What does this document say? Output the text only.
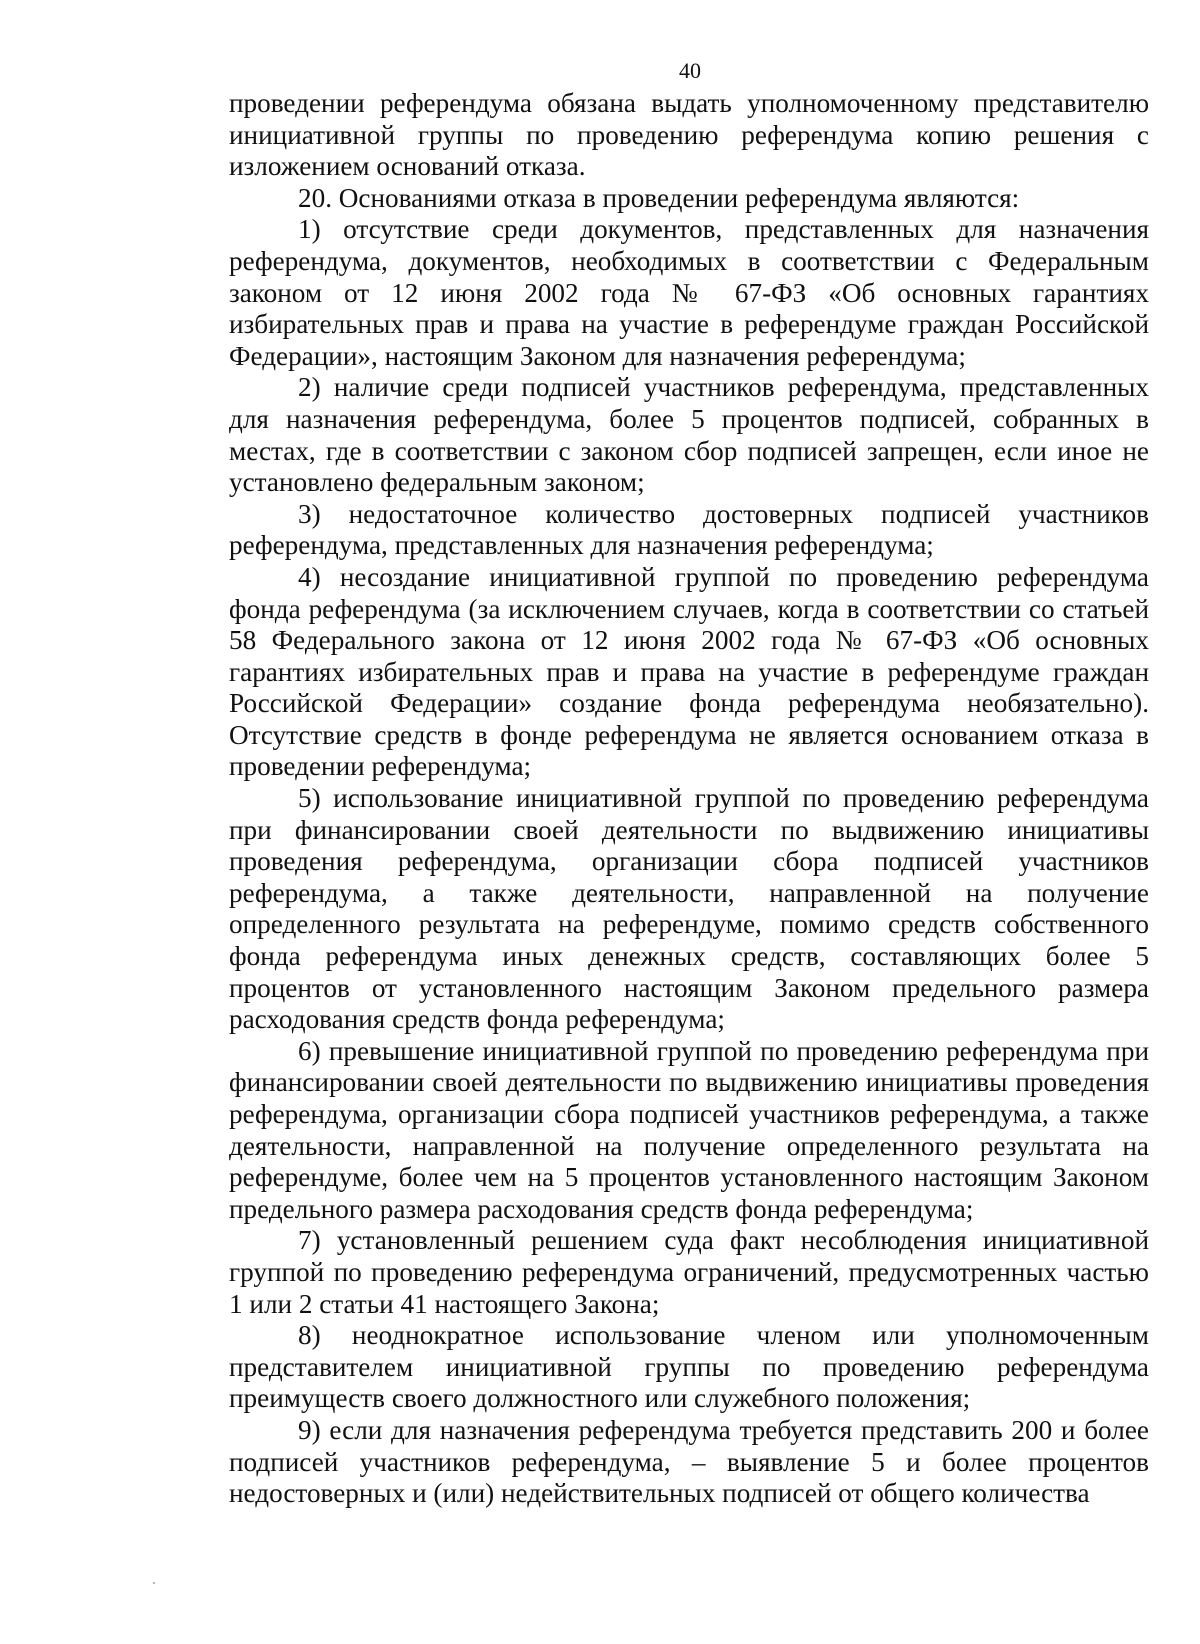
40

проведении референдума обязана выдать уполномоченному представителю инициативной группы по проведению референдума копию решения с изложением оснований отказа.

20. Основаниями отказа в проведении референдума являются:

1) отсутствие среди документов, представленных для назначения референдума, документов, необходимых в соответствии с Федеральным законом от 12 июня 2002 года № 67-ФЗ «Об основных гарантиях избирательных прав и права на участие в референдуме граждан Российской Федерации», настоящим Законом для назначения референдума;

2) наличие среди подписей участников референдума, представленных для назначения референдума, более 5 процентов подписей, собранных в местах, где в соответствии с законом сбор подписей запрещен, если иное не установлено федеральным законом;

3) недостаточное количество достоверных подписей участников референдума, представленных для назначения референдума;

4) несоздание инициативной группой по проведению референдума фонда референдума (за исключением случаев, когда в соответствии со статьей 58 Федерального закона от 12 июня 2002 года № 67-ФЗ «Об основных гарантиях избирательных прав и права на участие в референдуме граждан Российской Федерации» создание фонда референдума необязательно). Отсутствие средств в фонде референдума не является основанием отказа в проведении референдума;

5) использование инициативной группой по проведению референдума при финансировании своей деятельности по выдвижению инициативы проведения референдума, организации сбора подписей участников референдума, а также деятельности, направленной на получение определенного результата на референдуме, помимо средств собственного фонда референдума иных денежных средств, составляющих более 5 процентов от установленного настоящим Законом предельного размера расходования средств фонда референдума;

6) превышение инициативной группой по проведению референдума при финансировании своей деятельности по выдвижению инициативы проведения референдума, организации сбора подписей участников референдума, а также деятельности, направленной на получение определенного результата на референдуме, более чем на 5 процентов установленного настоящим Законом предельного размера расходования средств фонда референдума;

7) установленный решением суда факт несоблюдения инициативной группой по проведению референдума ограничений, предусмотренных частью 1 или 2 статьи 41 настоящего Закона;

8) неоднократное использование членом или уполномоченным представителем инициативной группы по проведению референдума преимуществ своего должностного или служебного положения;

9) если для назначения референдума требуется представить 200 и более подписей участников референдума, – выявление 5 и более процентов недостоверных и (или) недействительных подписей от общего количества
